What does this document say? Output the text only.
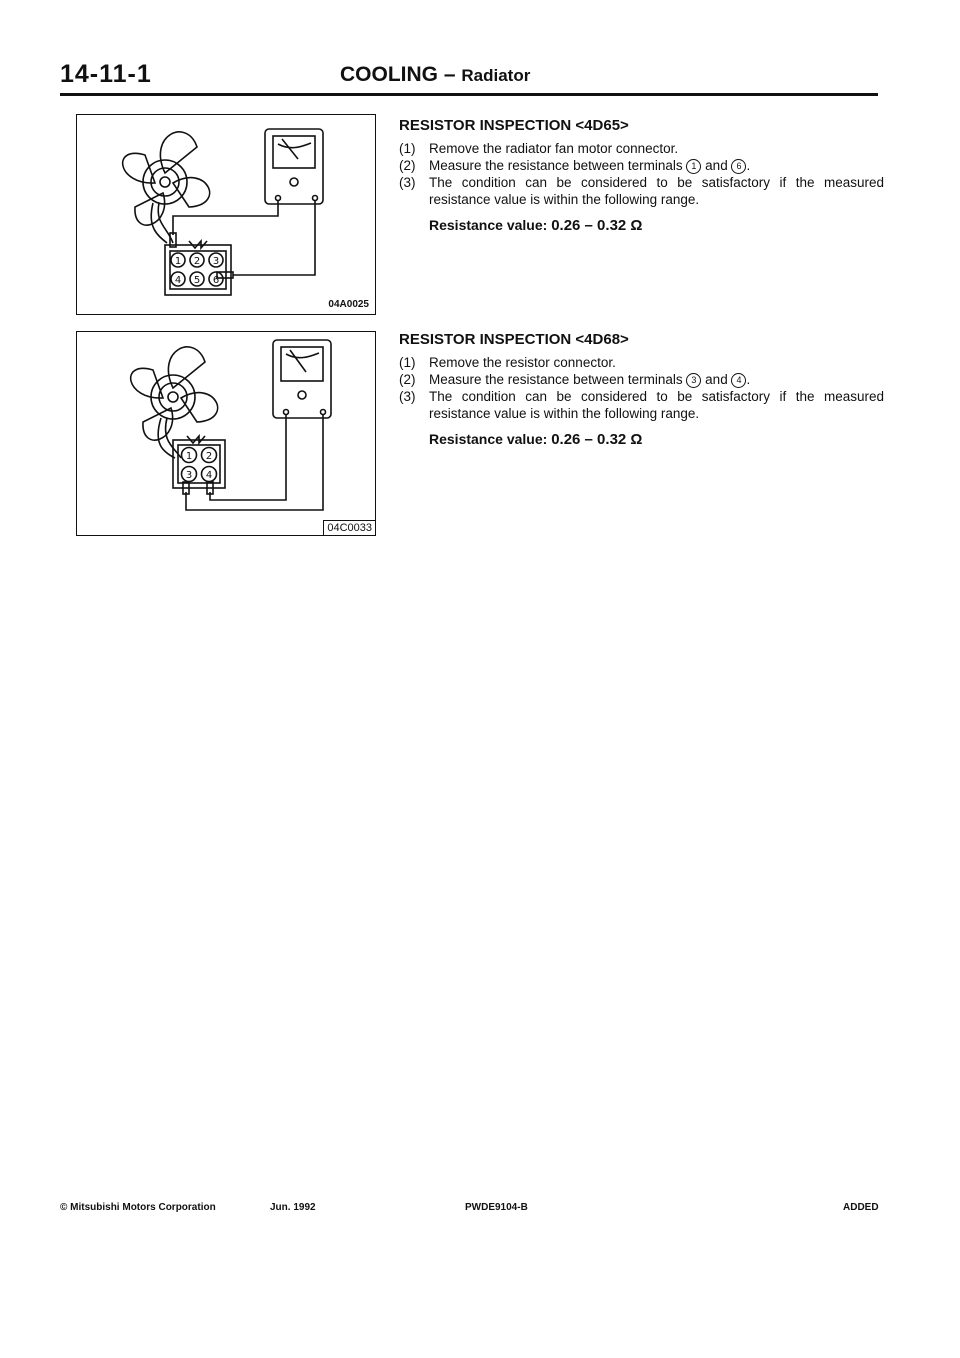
14-11-1	COOLING – Radiator
1 2 3
4 5 6
04A0025
1 2
3 4
04C0033
RESISTOR INSPECTION <4D65>
(1)	Remove the radiator fan motor connector.
(2)	Measure the resistance between terminals 1 and 6 .
(3)	The condition can be considered to be satisfactory if the measured resistance value is within the following range.
Resistance value: 0.26 – 0.32 Ω
RESISTOR INSPECTION <4D68>
(1)	Remove the resistor connector.
(2)	Measure the resistance between terminals 3 and 4 .
(3)	The condition can be considered to be satisfactory if the measured resistance value is within the following range.
Resistance value: 0.26 – 0.32 Ω
© Mitsubishi Motors Corporation	Jun. 1992	PWDE9104-B	ADDED
